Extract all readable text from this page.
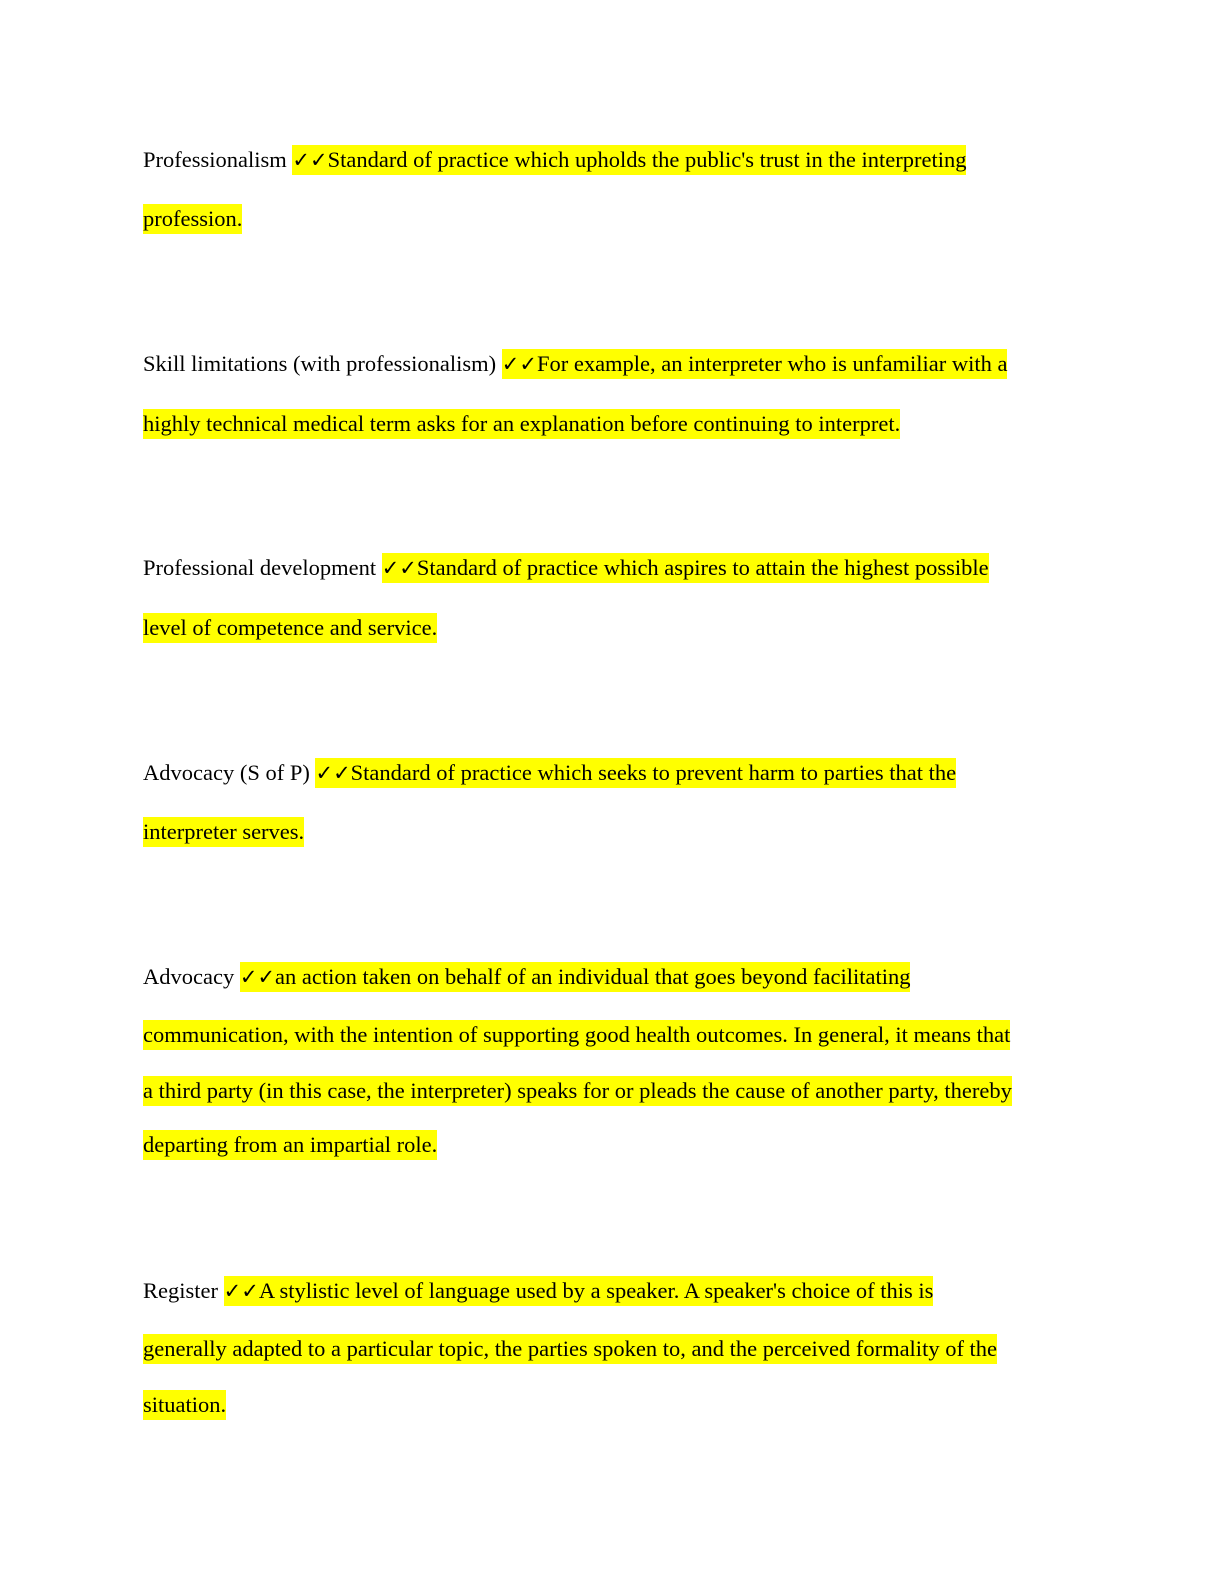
Professionalism ✓✓Standard of practice which upholds the public's trust in the interpreting
profession.
Skill limitations (with professionalism) ✓✓For example, an interpreter who is unfamiliar with a
highly technical medical term asks for an explanation before continuing to interpret.
Professional development ✓✓Standard of practice which aspires to attain the highest possible
level of competence and service.
Advocacy (S of P) ✓✓Standard of practice which seeks to prevent harm to parties that the
interpreter serves.
Advocacy ✓✓an action taken on behalf of an individual that goes beyond facilitating
communication, with the intention of supporting good health outcomes. In general, it means that
a third party (in this case, the interpreter) speaks for or pleads the cause of another party, thereby
departing from an impartial role.
Register ✓✓A stylistic level of language used by a speaker. A speaker's choice of this is
generally adapted to a particular topic, the parties spoken to, and the perceived formality of the
situation.
